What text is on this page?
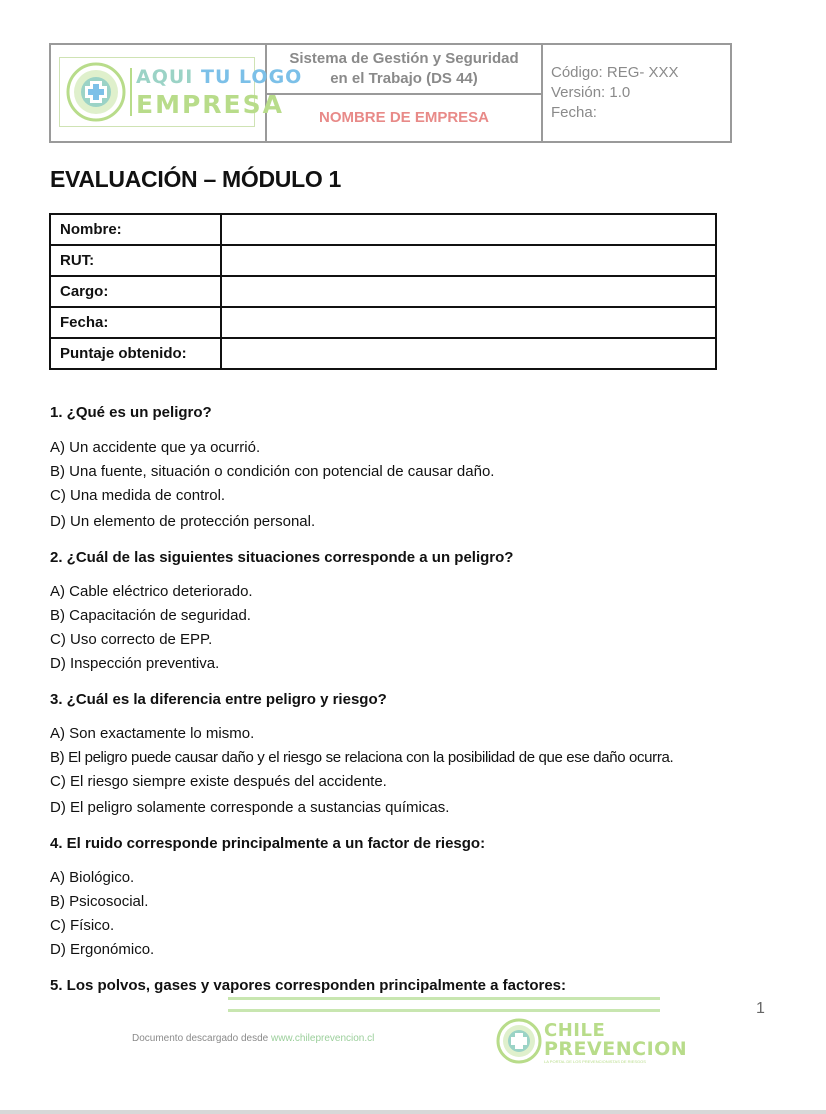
AQUI TU LOGO
EMPRESA
Sistema de Gestión y Seguridad
en el Trabajo (DS 44)
NOMBRE DE EMPRESA
Código: REG- XXX
Versión: 1.0
Fecha:
EVALUACIÓN – MÓDULO 1
Nombre:	
RUT:	
Cargo:	
Fecha:	
Puntaje obtenido:	
1. ¿Qué es un peligro?
A) Un accidente que ya ocurrió.
B) Una fuente, situación o condición con potencial de causar daño.
C) Una medida de control.
D) Un elemento de protección personal.
2. ¿Cuál de las siguientes situaciones corresponde a un peligro?
A) Cable eléctrico deteriorado.
B) Capacitación de seguridad.
C) Uso correcto de EPP.
D) Inspección preventiva.
3. ¿Cuál es la diferencia entre peligro y riesgo?
A) Son exactamente lo mismo.
B) El peligro puede causar daño y el riesgo se relaciona con la posibilidad de que ese daño ocurra.
C) El riesgo siempre existe después del accidente.
D) El peligro solamente corresponde a sustancias químicas.
4. El ruido corresponde principalmente a un factor de riesgo:
A) Biológico.
B) Psicosocial.
C) Físico.
D) Ergonómico.
5. Los polvos, gases y vapores corresponden principalmente a factores:
1
Documento descargado desde www.chileprevencion.cl	CHILE
PREVENCION
LA PORTAL DE LOS PREVENCIONISTAS DE RIESGOS
